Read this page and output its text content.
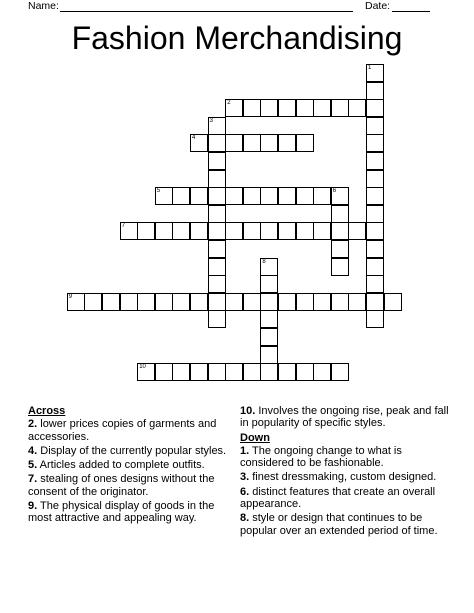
Name:	Date:
Fashion Merchandising
1
2
3
4
5	6
7
8
9
10
Across
2. lower prices copies of garments and accessories.
4. Display of the currently popular styles.
5. Articles added to complete outfits.
7. stealing of ones designs without the consent of the originator.
9. The physical display of goods in the most attractive and appealing way.
10. Involves the ongoing rise, peak and fall in popularity of specific styles.
Down
1. The ongoing change to what is considered to be fashionable.
3. finest dressmaking, custom designed.
6. distinct features that create an overall appearance.
8. style or design that continues to be popular over an extended period of time.
